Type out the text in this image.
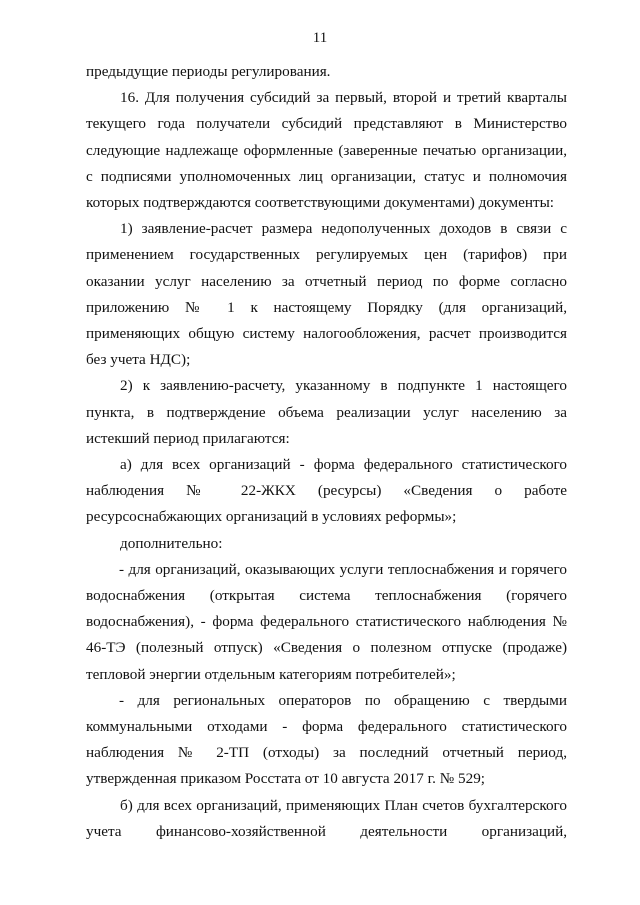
11

предыдущие периоды регулирования.

16. Для получения субсидий за первый, второй и третий кварталы текущего года получатели субсидий представляют в Министерство следующие надлежаще оформленные (заверенные печатью организации, с подписями уполномоченных лиц организации, статус и полномочия которых подтверждаются соответствующими документами) документы:

1) заявление-расчет размера недополученных доходов в связи с применением государственных регулируемых цен (тарифов) при оказании услуг населению за отчетный период по форме согласно приложению № 1 к настоящему Порядку (для организаций, применяющих общую систему налогообложения, расчет производится без учета НДС);

2) к заявлению-расчету, указанному в подпункте 1 настоящего пункта, в подтверждение объема реализации услуг населению за истекший период прилагаются:

а) для всех организаций - форма федерального статистического наблюдения № 22-ЖКХ (ресурсы) «Сведения о работе ресурсоснабжающих организаций в условиях реформы»;

дополнительно:

- для организаций, оказывающих услуги теплоснабжения и горячего водоснабжения (открытая система теплоснабжения (горячего водоснабжения), - форма федерального статистического наблюдения № 46-ТЭ (полезный отпуск) «Сведения о полезном отпуске (продаже) тепловой энергии отдельным категориям потребителей»;

- для региональных операторов по обращению с твердыми коммунальными отходами - форма федерального статистического наблюдения № 2-ТП (отходы) за последний отчетный период, утвержденная приказом Росстата от 10 августа 2017 г. № 529;

б) для всех организаций, применяющих План счетов бухгалтерского учета финансово-хозяйственной деятельности организаций,
